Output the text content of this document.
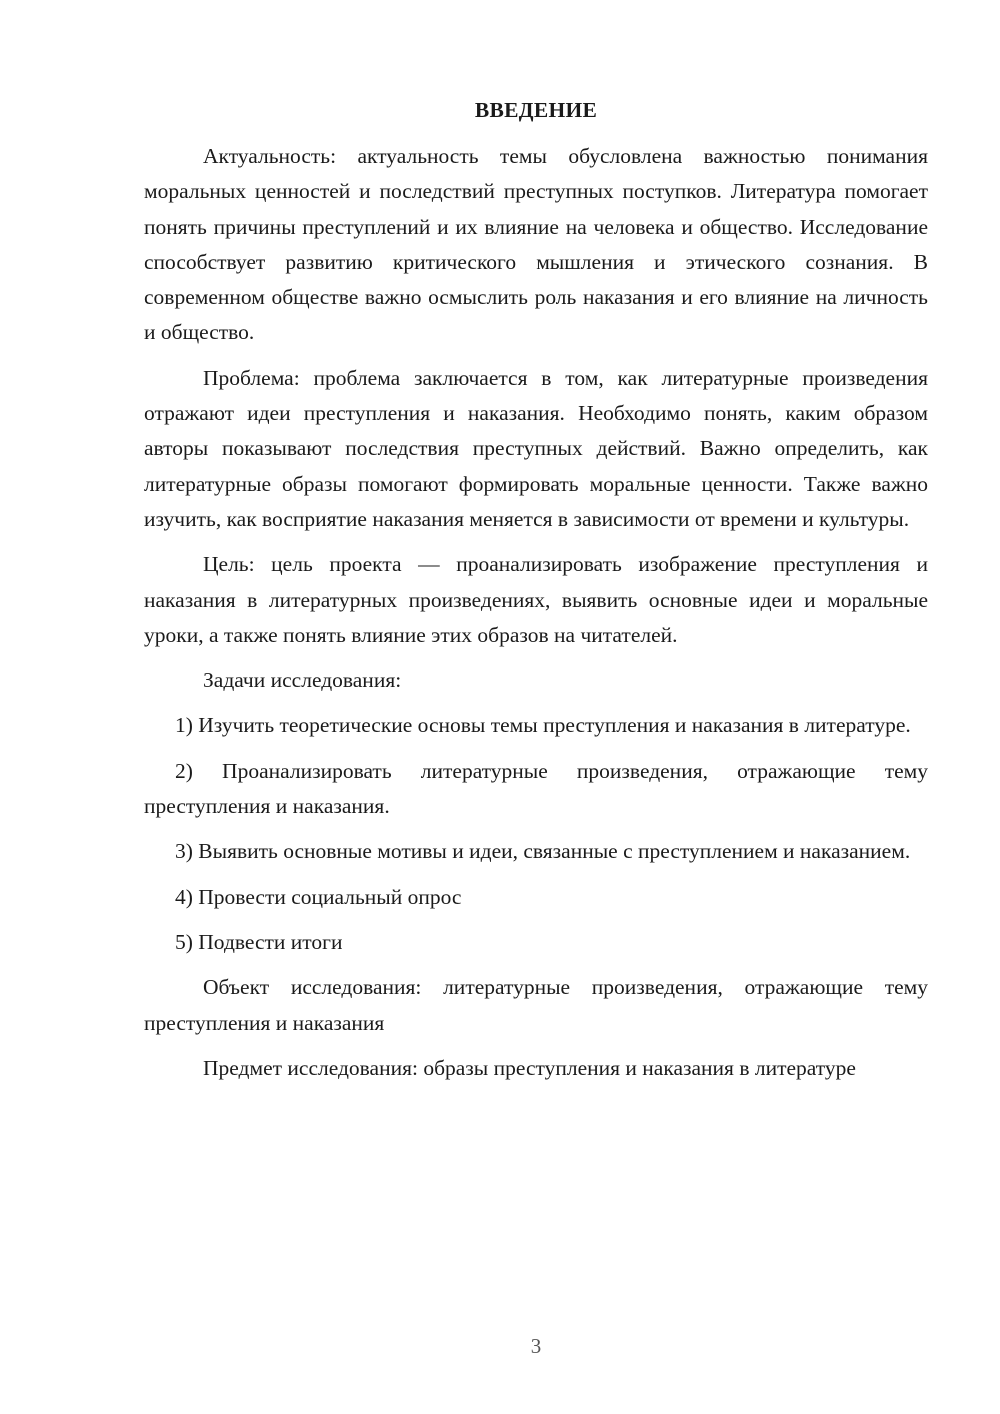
ВВЕДЕНИЕ

Актуальность: актуальность темы обусловлена важностью понимания моральных ценностей и последствий преступных поступков. Литература помогает понять причины преступлений и их влияние на человека и общество. Исследование способствует развитию критического мышления и этического сознания. В современном обществе важно осмыслить роль наказания и его влияние на личность и общество.

Проблема: проблема заключается в том, как литературные произведения отражают идеи преступления и наказания. Необходимо понять, каким образом авторы показывают последствия преступных действий. Важно определить, как литературные образы помогают формировать моральные ценности. Также важно изучить, как восприятие наказания меняется в зависимости от времени и культуры.

Цель: цель проекта — проанализировать изображение преступления и наказания в литературных произведениях, выявить основные идеи и моральные уроки, а также понять влияние этих образов на читателей.

Задачи исследования:

1) Изучить теоретические основы темы преступления и наказания в литературе.

2) Проанализировать литературные произведения, отражающие тему преступления и наказания.

3) Выявить основные мотивы и идеи, связанные с преступлением и наказанием.

4) Провести социальный опрос

5) Подвести итоги

Объект исследования: литературные произведения, отражающие тему преступления и наказания

Предмет исследования: образы преступления и наказания в литературе

3
